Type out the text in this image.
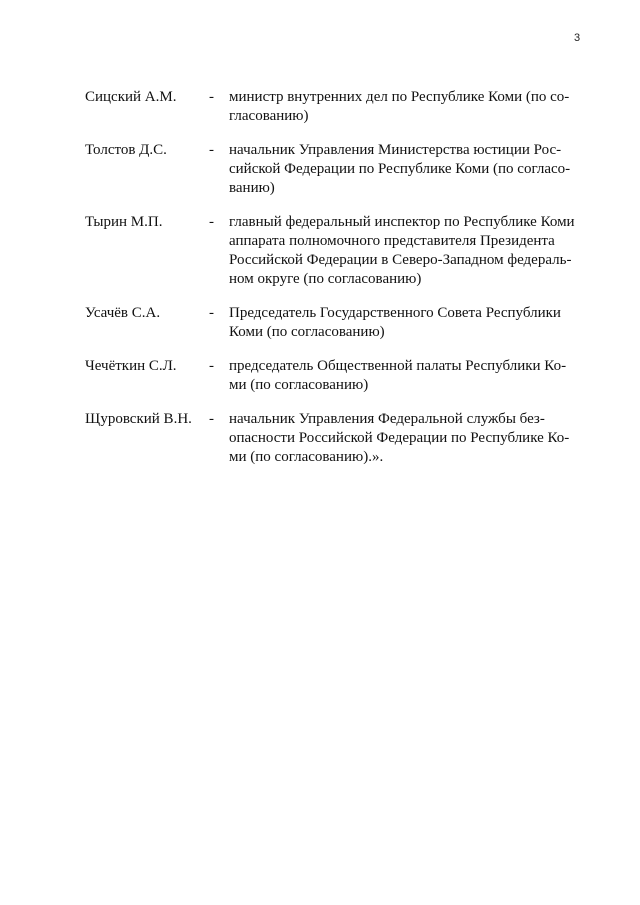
3
Сицский А.М.	-	министр внутренних дел по Республике Коми (по со-
гласованию)
Толстов Д.С.	-	начальник Управления Министерства юстиции Рос-
сийской Федерации по Республике Коми (по согласо-
ванию)
Тырин М.П.	-	главный федеральный инспектор по Республике Коми
аппарата полномочного представителя Президента
Российской Федерации в Северо-Западном федераль-
ном округе (по согласованию)
Усачёв С.А.	-	Председатель Государственного Совета Республики
Коми (по согласованию)
Чечёткин С.Л.	-	председатель Общественной палаты Республики Ко-
ми (по согласованию)
Щуровский В.Н.	-	начальник Управления Федеральной службы без-
опасности Российской Федерации по Республике Ко-
ми (по согласованию).».
